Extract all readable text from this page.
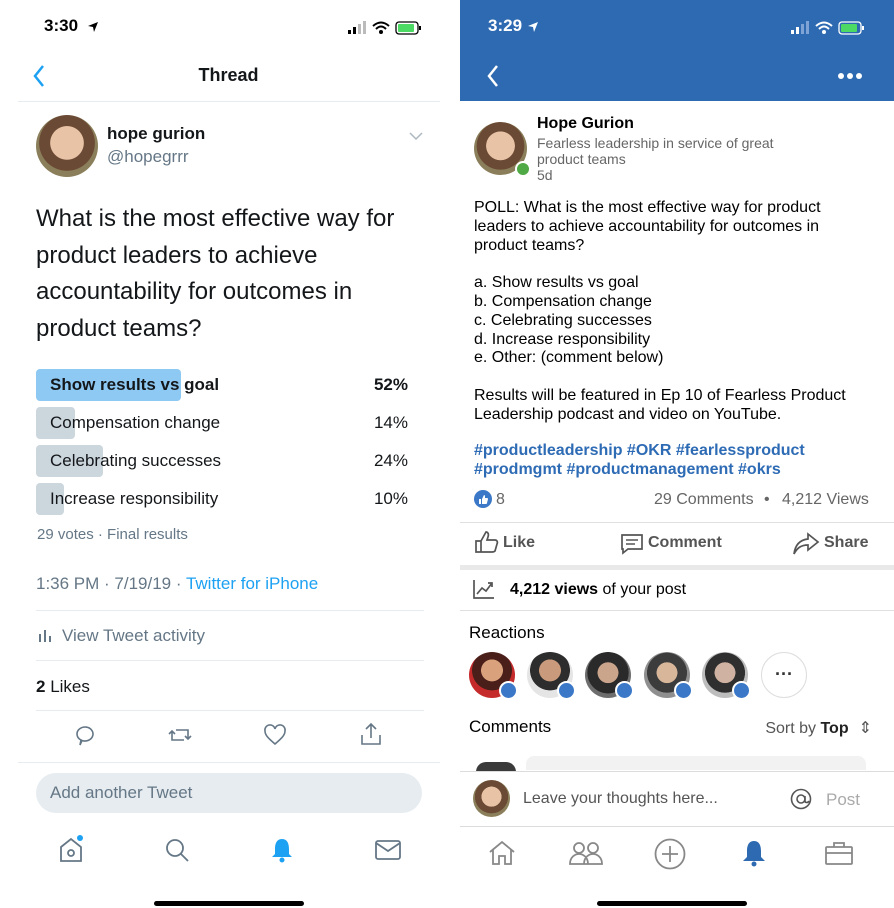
3:30
Thread
hope gurion
@hopegrrr
What is the most effective way for
product leaders to achieve
accountability for outcomes in
product teams?
Show results vs goal	52%
Compensation change	14%
Celebrating successes	24%
Increase responsibility	10%
29 votes · Final results
1:36 PM · 7/19/19 · Twitter for iPhone
View Tweet activity
2 Likes
Add another Tweet
3:29
Hope Gurion
Fearless leadership in service of great product teams
5d

POLL: What is the most effective way for product leaders to achieve accountability for outcomes in product teams?

a. Show results vs goal

b. Compensation change

c. Celebrating successes

d. Increase responsibility

e. Other: (comment below)

Results will be featured in Ep 10 of Fearless Product Leadership podcast and video on YouTube.

#productleadership #OKR #fearlessproduct
#prodmgmt #productmanagement #okrs
8	29 Comments • 4,212 Views
Like	Comment	Share
4,212 views of your post
Reactions
···
Comments	Sort by Top ⇕
Leave your thoughts here...	Post
